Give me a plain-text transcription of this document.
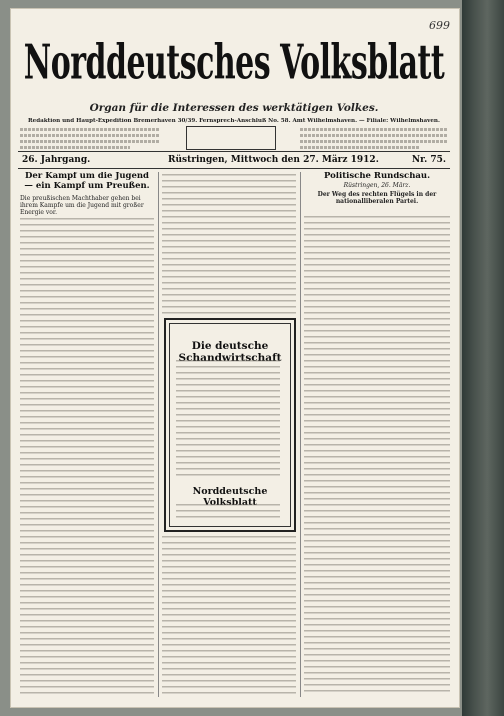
699
Norddeutsches Volksblatt
Organ für die Interessen des werktätigen Volkes.
Redaktion und Haupt-Expedition Bremerhaven 30/39. Fernsprech-Anschluß No. 58. Amt Wilhelmshaven. — Filiale: Wilhelmshaven.
26. Jahrgang.	Rüstringen, Mittwoch den 27. März 1912.	Nr. 75.
Der Kampf um die Jugend — ein Kampf um Preußen.

Die preußischen Machthaber gehen bei ihrem Kampfe um die Jugend mit großer Energie vor.

Die deutsche Schandwirtschaft
Norddeutsche Volksblatt
Politische Rundschau.

Rüstringen, 26. März.

Der Weg des rechten Flügels in der nationalliberalen Partei.
